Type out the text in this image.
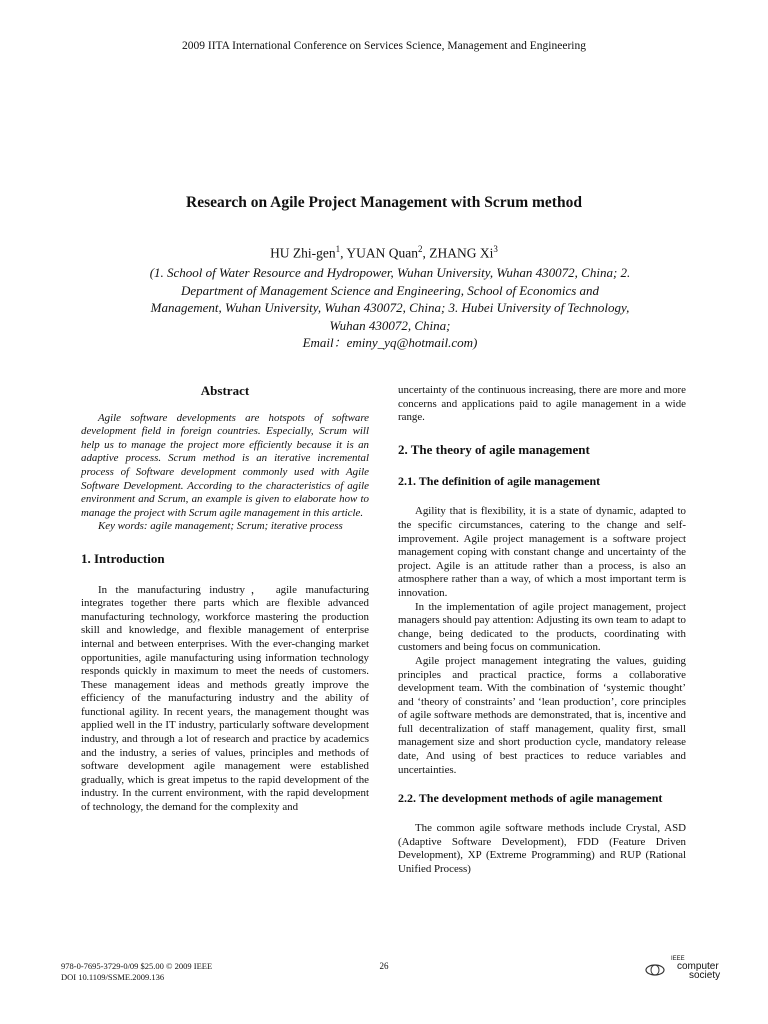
2009 IITA International Conference on Services Science, Management and Engineering
Research on Agile Project Management with Scrum method
HU Zhi-gen$^1$, YUAN Quan$^2$, ZHANG Xi$^3$
(1. School of Water Resource and Hydropower, Wuhan University, Wuhan 430072, China; 2.
Department of Management Science and Engineering, School of Economics and
Management, Wuhan University, Wuhan 430072, China; 3. Hubei University of Technology,
Wuhan 430072, China;
Email：eminy_yq@hotmail.com)
Abstract

Agile software developments are hotspots of software development field in foreign countries. Especially, Scrum will help us to manage the project more efficiently because it is an adaptive process. Scrum method is an iterative incremental process of Software development commonly used with Agile Software Development. According to the characteristics of agile environment and Scrum, an example is given to elaborate how to manage the project with Scrum agile management in this article.

Key words: agile management; Scrum; iterative process

1. Introduction

In the manufacturing industry， agile manufacturing integrates together there parts which are flexible advanced manufacturing technology, workforce mastering the production skill and knowledge, and flexible management of enterprise internal and between enterprises. With the ever-changing market opportunities, agile manufacturing using information technology responds quickly in maximum to meet the needs of customers. These management ideas and methods greatly improve the efficiency of the manufacturing industry and the ability of functional agility. In recent years, the management thought was applied well in the IT industry, particularly software development industry, and through a lot of research and practice by academics and the industry, a series of values, principles and methods of software development agile management were established gradually, which is great impetus to the rapid development of the industry. In the current environment, with the rapid development of technology, the demand for the complexity and

uncertainty of the continuous increasing, there are more and more concerns and applications paid to agile management in a wide range.

2. The theory of agile management
2.1. The definition of agile management

Agility that is flexibility, it is a state of dynamic, adapted to the specific circumstances, catering to the change and self-improvement. Agile project management is a software project management coping with constant change and uncertainty of the project. Agile is an attitude rather than a process, is also an atmosphere rather than a way, of which a most important term is innovation.

In the implementation of agile project management, project managers should pay attention: Adjusting its own team to adapt to change, being dedicated to the products, coordinating with customers and being focus on communication.

Agile project management integrating the values, guiding principles and practical practice, forms a collaborative development team. With the combination of ‘systemic thought’ and ‘theory of constraints’ and ‘lean production’, core principles of agile software methods are demonstrated, that is, incentive and full decentralization of staff management, quality first, small management size and short production cycle, mandatory release date, And using of best practices to reduce variables and uncertainties.

2.2. The development methods of agile management

The common agile software methods include Crystal, ASD (Adaptive Software Development), FDD (Feature Driven Development), XP (Extreme Programming) and RUP (Rational Unified Process)

978-0-7695-3729-0/09 $25.00 © 2009 IEEE
DOI 10.1109/SSME.2009.136
26
IEEE
computer
society
